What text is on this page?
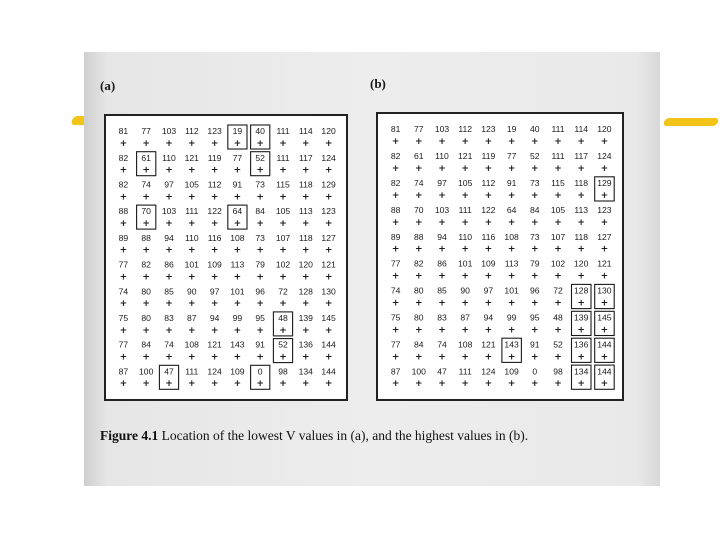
(a)	(b)
81
+
77
+
103
+
112
+
123
+
19
+
40
+
111
+
114
+
120
+
82
+
61
+
110
+
121
+
119
+
77
+
52
+
111
+
117
+
124
+
82
+
74
+
97
+
105
+
112
+
91
+
73
+
115
+
118
+
129
+
88
+
70
+
103
+
111
+
122
+
64
+
84
+
105
+
113
+
123
+
89
+
88
+
94
+
110
+
116
+
108
+
73
+
107
+
118
+
127
+
77
+
82
+
86
+
101
+
109
+
113
+
79
+
102
+
120
+
121
+
74
+
80
+
85
+
90
+
97
+
101
+
96
+
72
+
128
+
130
+
75
+
80
+
83
+
87
+
94
+
99
+
95
+
48
+
139
+
145
+
77
+
84
+
74
+
108
+
121
+
143
+
91
+
52
+
136
+
144
+
87
+
100
+
47
+
111
+
124
+
109
+
0
+
98
+
134
+
144
+
81
+
77
+
103
+
112
+
123
+
19
+
40
+
111
+
114
+
120
+
82
+
61
+
110
+
121
+
119
+
77
+
52
+
111
+
117
+
124
+
82
+
74
+
97
+
105
+
112
+
91
+
73
+
115
+
118
+
129
+
88
+
70
+
103
+
111
+
122
+
64
+
84
+
105
+
113
+
123
+
89
+
88
+
94
+
110
+
116
+
108
+
73
+
107
+
118
+
127
+
77
+
82
+
86
+
101
+
109
+
113
+
79
+
102
+
120
+
121
+
74
+
80
+
85
+
90
+
97
+
101
+
96
+
72
+
128
+
130
+
75
+
80
+
83
+
87
+
94
+
99
+
95
+
48
+
139
+
145
+
77
+
84
+
74
+
108
+
121
+
143
+
91
+
52
+
136
+
144
+
87
+
100
+
47
+
111
+
124
+
109
+
0
+
98
+
134
+
144
+
Figure 4.1 Location of the lowest V values in (a), and the highest values in (b).
